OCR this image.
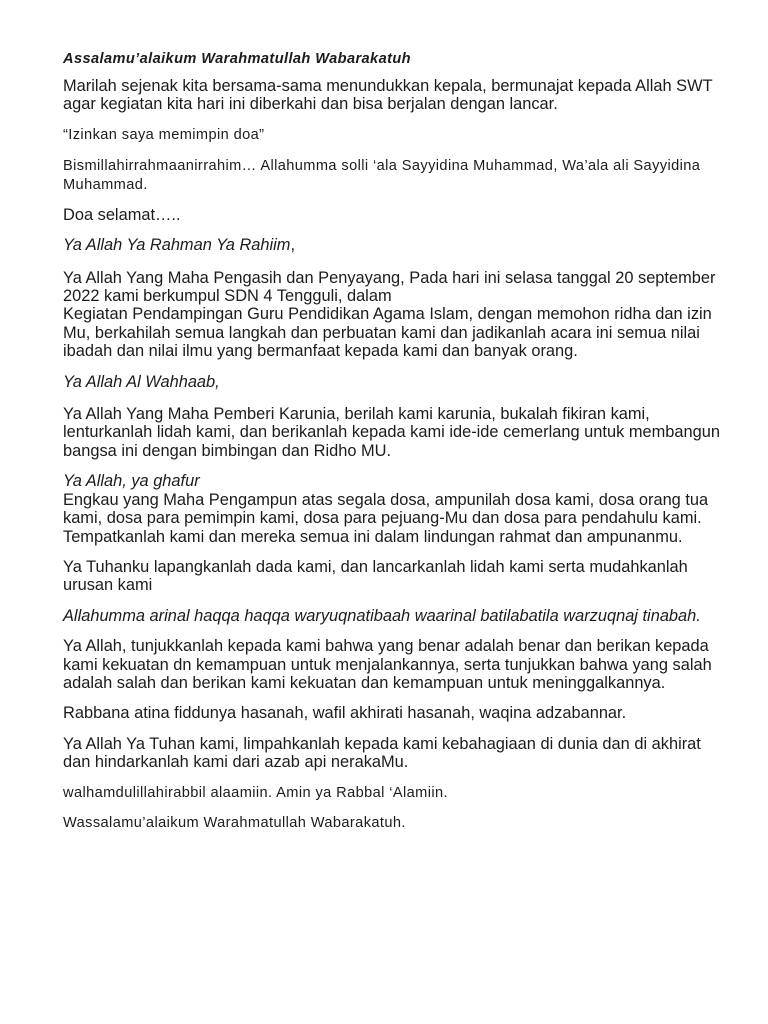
Assalamu’alaikum Warahmatullah Wabarakatuh

Marilah sejenak kita bersama-sama menundukkan kepala, bermunajat kepada Allah SWT agar kegiatan kita hari ini diberkahi dan bisa berjalan dengan lancar.

“Izinkan saya memimpin doa”

Bismillahirrahmaanirrahim… Allahumma solli ‘ala Sayyidina Muhammad, Wa’ala ali Sayyidina Muhammad.

Doa selamat…..

Ya Allah Ya Rahman Ya Rahiim,

Ya Allah Yang Maha Pengasih dan Penyayang, Pada hari ini selasa tanggal 20 september 2022 kami berkumpul SDN 4 Tengguli, dalam

Kegiatan Pendampingan Guru Pendidikan Agama Islam, dengan memohon ridha dan izin Mu, berkahilah semua langkah dan perbuatan kami dan jadikanlah acara ini semua nilai ibadah dan nilai ilmu yang bermanfaat kepada kami dan banyak orang.

Ya Allah Al Wahhaab,

Ya Allah Yang Maha Pemberi Karunia, berilah kami karunia, bukalah fikiran kami, lenturkanlah lidah kami, dan berikanlah kepada kami ide-ide cemerlang untuk membangun bangsa ini dengan bimbingan dan Ridho MU.

Ya Allah, ya ghafur

Engkau yang Maha Pengampun atas segala dosa, ampunilah dosa kami, dosa orang tua kami, dosa para pemimpin kami, dosa para pejuang-Mu dan dosa para pendahulu kami. Tempatkanlah kami dan mereka semua ini dalam lindungan rahmat dan ampunanmu.

Ya Tuhanku lapangkanlah dada kami, dan lancarkanlah lidah kami serta mudahkanlah urusan kami

Allahumma arinal haqqa haqqa waryuqnatibaah waarinal batilabatila warzuqnaj tinabah.

Ya Allah, tunjukkanlah kepada kami bahwa yang benar adalah benar dan berikan kepada kami kekuatan dn kemampuan untuk menjalankannya, serta tunjukkan bahwa yang salah adalah salah dan berikan kami kekuatan dan kemampuan untuk meninggalkannya.

Rabbana atina fiddunya hasanah, wafil akhirati hasanah, waqina adzabannar.

Ya Allah Ya Tuhan kami, limpahkanlah kepada kami kebahagiaan di dunia dan di akhirat dan hindarkanlah kami dari azab api nerakaMu.

walhamdulillahirabbil alaamiin. Amin ya Rabbal ‘Alamiin.

Wassalamu’alaikum Warahmatullah Wabarakatuh.
